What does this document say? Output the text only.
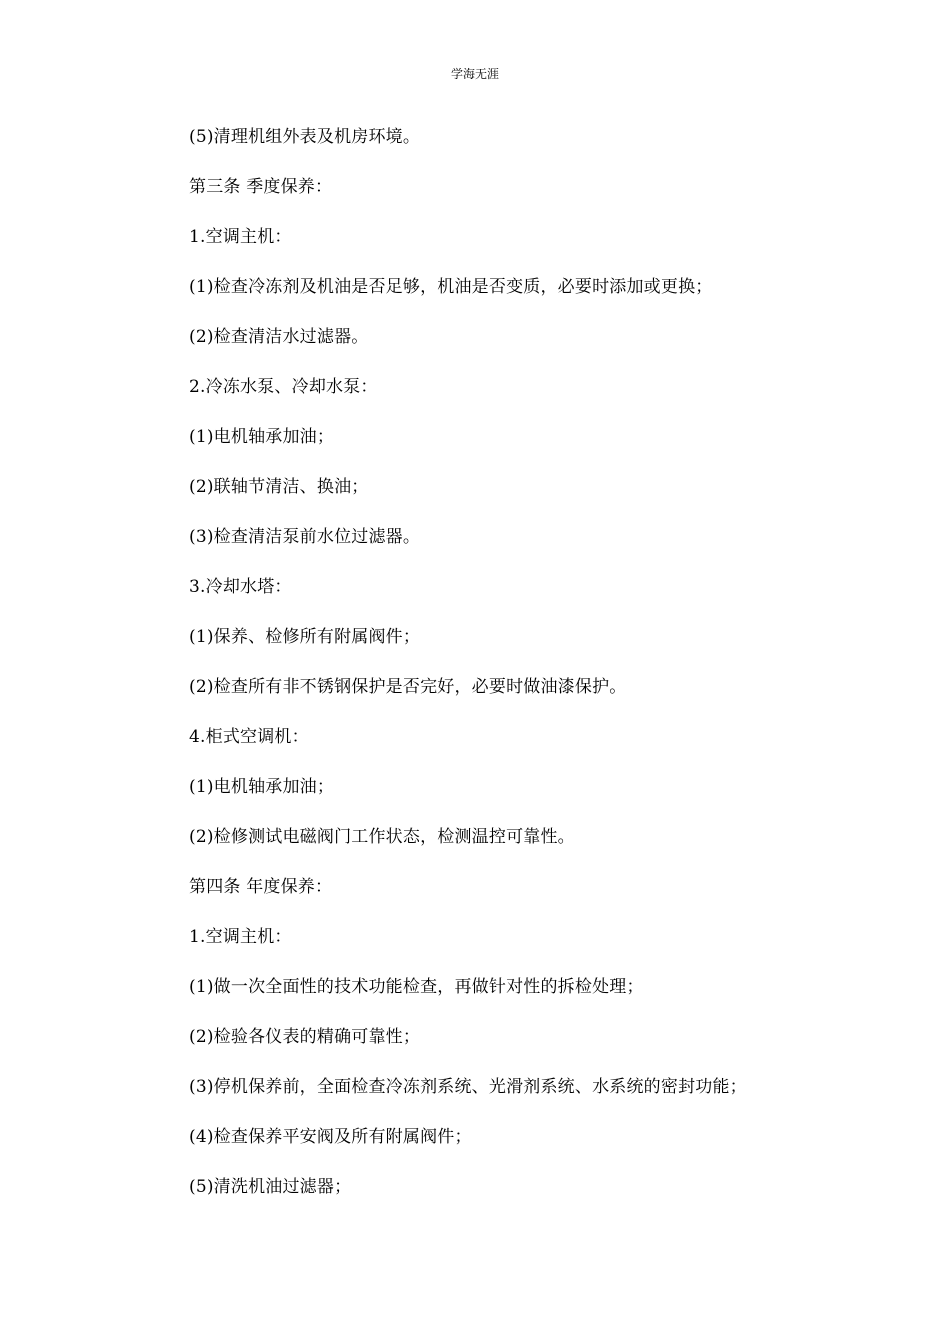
学海无涯

(5)清理机组外表及机房环境。

第三条 季度保养：

1.空调主机：

(1)检查冷冻剂及机油是否足够，机油是否变质，必要时添加或更换；

(2)检查清洁水过滤器。

2.冷冻水泵、冷却水泵：

(1)电机轴承加油；

(2)联轴节清洁、换油；

(3)检查清洁泵前水位过滤器。

3.冷却水塔：

(1)保养、检修所有附属阀件；

(2)检查所有非不锈钢保护是否完好，必要时做油漆保护。

4.柜式空调机：

(1)电机轴承加油；

(2)检修测试电磁阀门工作状态，检测温控可靠性。

第四条 年度保养：

1.空调主机：

(1)做一次全面性的技术功能检查，再做针对性的拆检处理；

(2)检验各仪表的精确可靠性；

(3)停机保养前，全面检查冷冻剂系统、光滑剂系统、水系统的密封功能；

(4)检查保养平安阀及所有附属阀件；

(5)清洗机油过滤器；
